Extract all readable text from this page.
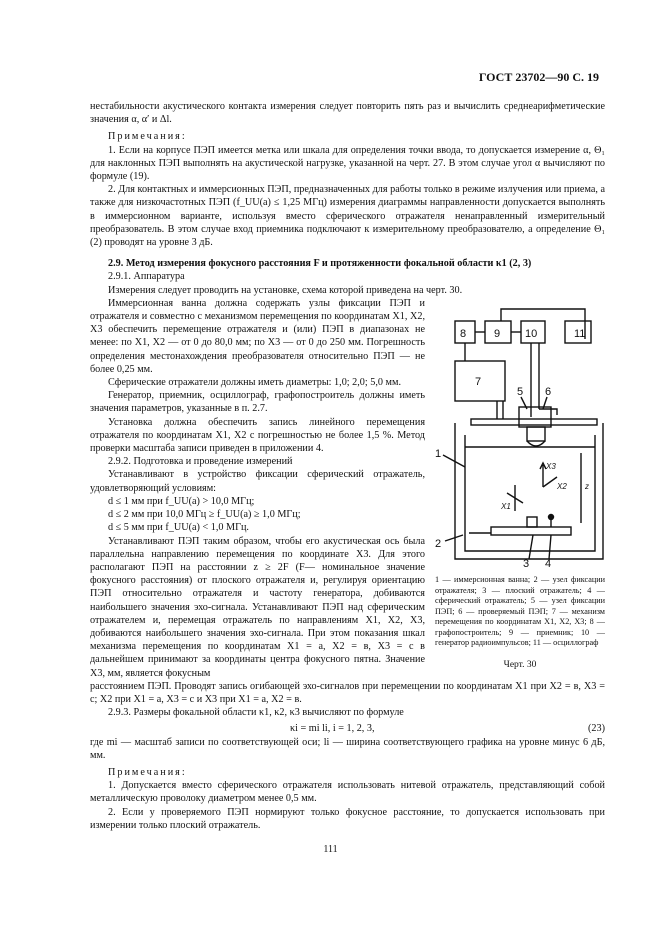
ГОСТ 23702—90 С. 19

нестабильности акустического контакта измерения следует повторить пять раз и вычислить среднеарифметические значения α, α′ и Δl.

Примечания:

1. Если на корпусе ПЭП имеется метка или шкала для определения точки ввода, то допускается измерение α, Θ₁ для наклонных ПЭП выполнять на акустической нагрузке, указанной на черт. 27. В этом случае угол α вычисляют по формуле (19).

2. Для контактных и иммерсионных ПЭП, предназначенных для работы только в режиме излучения или приема, а также для низкочастотных ПЭП (f_UU(a) ≤ 1,25 МГц) измерения диаграммы направленности допускается выполнять в иммерсионном варианте, используя вместо сферического отражателя ненаправленный измерительный преобразователь. В этом случае вход приемника подключают к измерительному преобразователю, а определение Θ₁ (2) проводят на уровне 3 дБ.

2.9. Метод измерения фокусного расстояния F и протяженности фокальной области κ1 (2, 3)

2.9.1. Аппаратура

Измерения следует проводить на установке, схема которой приведена на черт. 30.

Иммерсионная ванна должна содержать узлы фиксации ПЭП и отражателя и совместно с механизмом перемещения по координатам X1, X2, X3 обеспечить перемещение отражателя и (или) ПЭП в диапазонах не менее: по X1, X2 — от 0 до 80,0 мм; по X3 — от 0 до 250 мм. Погрешность определения местонахождения преобразователя относительно ПЭП — не более 0,25 мм.

Сферические отражатели должны иметь диаметры: 1,0; 2,0; 5,0 мм.

Генератор, приемник, осциллограф, графопостроитель должны иметь значения параметров, указанные в п. 2.7.

Установка должна обеспечить запись линейного перемещения отражателя по координатам X1, X2 с погрешностью не более 1,5 %. Метод проверки масштаба записи приведен в приложении 4.

2.9.2. Подготовка и проведение измерений

Устанавливают в устройство фиксации сферический отражатель, удовлетворяющий условиям:

d ≤ 1 мм при f_UU(a) > 10,0 МГц;

d ≤ 2 мм при 10,0 МГц ≥ f_UU(a) ≥ 1,0 МГц;

d ≤ 5 мм при f_UU(a) < 1,0 МГц.

Устанавливают ПЭП таким образом, чтобы его акустическая ось была параллельна направлению перемещения по координате X3. Для этого располагают ПЭП на расстоянии z ≥ 2F (F— номинальное значение фокусного расстояния) от плоского отражателя и, регулируя ориентацию ПЭП относительно отражателя и частоту генератора, добиваются наибольшего значения эхо-сигнала. Устанавливают ПЭП над сферическим отражателем и, перемещая отражатель по направлениям X1, X2, X3, добиваются наибольшего значения эхо-сигнала. При этом показания шкал механизма перемещения по координатам X1 = a, X2 = в, X3 = c в дальнейшем принимают за координаты центра фокусного пятна. Значение X3, мм, является фокусным

8	9 10	11
7
1
2
3 4
5 6
X3
X2
X1
z
1 — иммерсионная ванна; 2 — узел фиксации отражателя; 3 — плоский отражатель; 4 — сферический отражатель; 5 — узел фиксации ПЭП; 6 — проверяемый ПЭП; 7 — механизм перемещения по координатам X1, X2, X3; 8 — графопостроитель; 9 — приемник; 10 — генератор радиоимпульсов; 11 — осциллограф
Черт. 30

расстоянием ПЭП. Проводят запись огибающей эхо-сигналов при перемещении по координатам X1 при X2 = в, X3 = c; X2 при X1 = a, X3 = c и X3 при X1 = a, X2 = в.

2.9.3. Размеры фокальной области κ1, κ2, κ3 вычисляют по формуле

κi = mi li, i = 1, 2, 3,	(23)

где mi — масштаб записи по соответствующей оси; li — ширина соответствующего графика на уровне минус 6 дБ, мм.

Примечания:

1. Допускается вместо сферического отражателя использовать нитевой отражатель, представляющий собой металлическую проволоку диаметром менее 0,5 мм.

2. Если у проверяемого ПЭП нормируют только фокусное расстояние, то допускается использовать при измерении только плоский отражатель.

111
